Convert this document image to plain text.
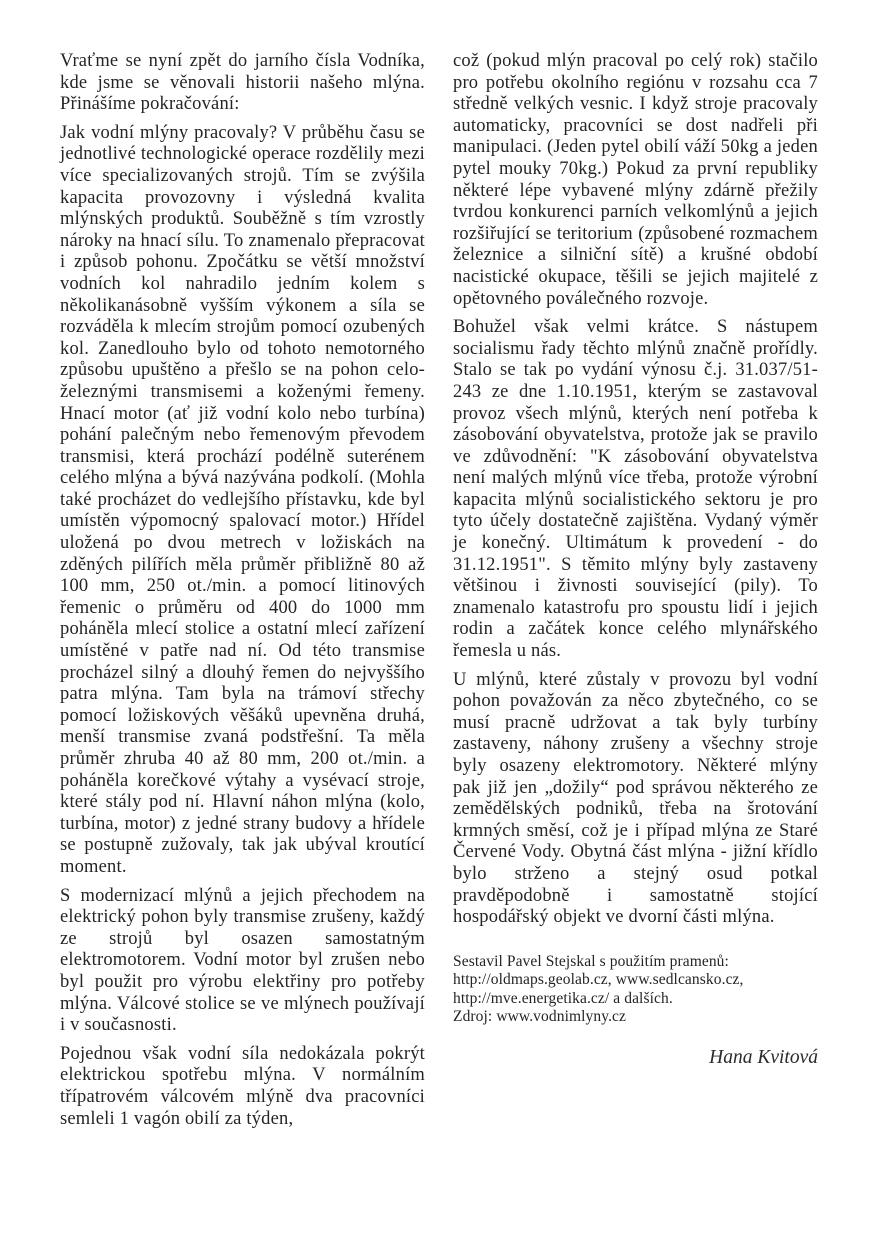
Vraťme se nyní zpět do jarního čísla Vodníka, kde jsme se věnovali historii našeho mlýna. Přinášíme pokračování:

Jak vodní mlýny pracovaly? V průběhu času se jednotlivé technologické operace rozdělily mezi více specializovaných strojů. Tím se zvýšila kapacita provozovny i výsledná kvalita mlýnských produktů. Souběžně s tím vzrostly nároky na hnací sílu. To znamenalo přepracovat i způsob pohonu. Zpočátku se větší množství vodních kol nahradilo jedním kolem s několikanásobně vyšším výkonem a síla se rozváděla k mlecím strojům pomocí ozubených kol. Zanedlouho bylo od tohoto nemotorného způsobu upuštěno a přešlo se na pohon celo-železnými transmisemi a koženými řemeny. Hnací motor (ať již vodní kolo nebo turbína) pohání palečným nebo řemenovým převodem transmisi, která prochází podélně suterénem celého mlýna a bývá nazývána podkolí. (Mohla také procházet do vedlejšího přístavku, kde byl umístěn výpomocný spalovací motor.) Hřídel uložená po dvou metrech v ložiskách na zděných pilířích měla průměr přibližně 80 až 100 mm, 250 ot./min. a pomocí litinových řemenic o průměru od 400 do 1000 mm poháněla mlecí stolice a ostatní mlecí zařízení umístěné v patře nad ní. Od této transmise procházel silný a dlouhý řemen do nejvyššího patra mlýna. Tam byla na trámoví střechy pomocí ložiskových věšáků upevněna druhá, menší transmise zvaná podstřešní. Ta měla průměr zhruba 40 až 80 mm, 200 ot./min. a poháněla korečkové výtahy a vysévací stroje, které stály pod ní. Hlavní náhon mlýna (kolo, turbína, motor) z jedné strany budovy a hřídele se postupně zužovaly, tak jak ubýval kroutící moment.

S modernizací mlýnů a jejich přechodem na elektrický pohon byly transmise zrušeny, každý ze strojů byl osazen samostatným elektromotorem. Vodní motor byl zrušen nebo byl použit pro výrobu elektřiny pro potřeby mlýna. Válcové stolice se ve mlýnech používají i v současnosti.

Pojednou však vodní síla nedokázala pokrýt elektrickou spotřebu mlýna. V normálním třípatrovém válcovém mlýně dva pracovníci semleli 1 vagón obilí za týden,

což (pokud mlýn pracoval po celý rok) stačilo pro potřebu okolního regiónu v rozsahu cca 7 středně velkých vesnic. I když stroje pracovaly automaticky, pracovníci se dost nadřeli při manipulaci. (Jeden pytel obilí váží 50kg a jeden pytel mouky 70kg.) Pokud za první republiky některé lépe vybavené mlýny zdárně přežily tvrdou konkurenci parních velkomlýnů a jejich rozšiřující se teritorium (způsobené rozmachem železnice a silniční sítě) a krušné období nacistické okupace, těšili se jejich majitelé z opětovného poválečného rozvoje.

Bohužel však velmi krátce. S nástupem socialismu řady těchto mlýnů značně prořídly. Stalo se tak po vydání výnosu č.j. 31.037/51-243 ze dne 1.10.1951, kterým se zastavoval provoz všech mlýnů, kterých není potřeba k zásobování obyvatelstva, protože jak se pravilo ve zdůvodnění: "K zásobování obyvatelstva není malých mlýnů více třeba, protože výrobní kapacita mlýnů socialistického sektoru je pro tyto účely dostatečně zajištěna. Vydaný výměr je konečný. Ultimátum k provedení - do 31.12.1951". S těmito mlýny byly zastaveny většinou i živnosti související (pily). To znamenalo katastrofu pro spoustu lidí i jejich rodin a začátek konce celého mlynářského řemesla u nás.

U mlýnů, které zůstaly v provozu byl vodní pohon považován za něco zbytečného, co se musí pracně udržovat a tak byly turbíny zastaveny, náhony zrušeny a všechny stroje byly osazeny elektromotory. Některé mlýny pak již jen „dožily“ pod správou některého ze zemědělských podniků, třeba na šrotování krmných směsí, což je i případ mlýna ze Staré Červené Vody. Obytná část mlýna - jižní křídlo bylo strženo a stejný osud potkal pravděpodobně i samostatně stojící hospodářský objekt ve dvorní části mlýna.

Sestavil Pavel Stejskal s použitím pramenů:
http://oldmaps.geolab.cz, www.sedlcansko.cz,
http://mve.energetika.cz/ a dalších.
Zdroj: www.vodnimlyny.cz
Hana Kvitová
